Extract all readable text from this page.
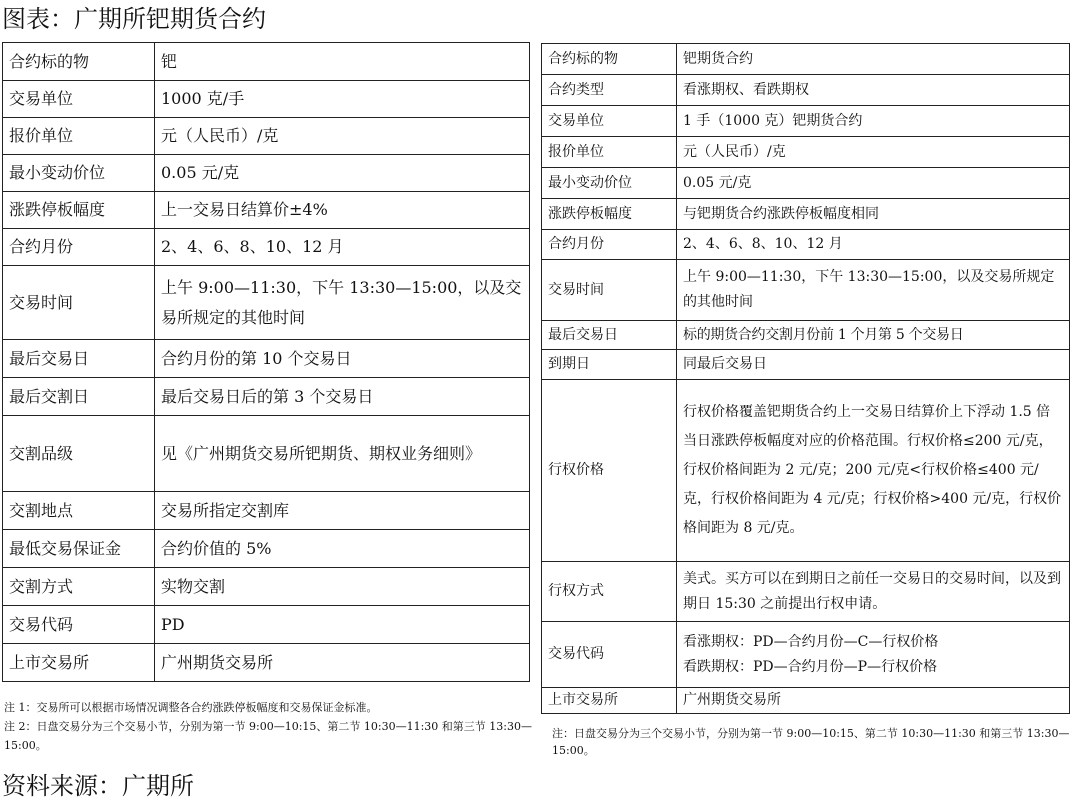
图表：广期所钯期货合约
合约标的物	钯
交易单位	1000 克/手
报价单位	元（人民币）/克
最小变动价位	0.05 元/克
涨跌停板幅度	上一交易日结算价±4%
合约月份	2、4、6、8、10、12 月
交易时间	上午 9:00—11:30，下午 13:30—15:00，以及交易所规定的其他时间
最后交易日	合约月份的第 10 个交易日
最后交割日	最后交易日后的第 3 个交易日
交割品级	见《广州期货交易所钯期货、期权业务细则》
交割地点	交易所指定交割库
最低交易保证金	合约价值的 5%
交割方式	实物交割
交易代码	PD
上市交易所	广州期货交易所
注 1：交易所可以根据市场情况调整各合约涨跌停板幅度和交易保证金标准。
注 2：日盘交易分为三个交易小节，分别为第一节 9:00—10:15、第二节 10:30—11:30 和第三节 13:30—15:00。
合约标的物	钯期货合约
合约类型	看涨期权、看跌期权
交易单位	1 手（1000 克）钯期货合约
报价单位	元（人民币）/克
最小变动价位	0.05 元/克
涨跌停板幅度	与钯期货合约涨跌停板幅度相同
合约月份	2、4、6、8、10、12 月
交易时间	上午 9:00—11:30，下午 13:30—15:00，以及交易所规定的其他时间
最后交易日	标的期货合约交割月份前 1 个月第 5 个交易日
到期日	同最后交易日
行权价格	行权价格覆盖钯期货合约上一交易日结算价上下浮动 1.5 倍当日涨跌停板幅度对应的价格范围。行权价格≤200 元/克，行权价格间距为 2 元/克；200 元/克<行权价格≤400 元/克，行权价格间距为 4 元/克；行权价格>400 元/克，行权价格间距为 8 元/克。
行权方式	美式。买方可以在到期日之前任一交易日的交易时间，以及到期日 15:30 之前提出行权申请。
交易代码	看涨期权：PD—合约月份—C—行权价格
看跌期权：PD—合约月份—P—行权价格

上市交易所	广州期货交易所
注：日盘交易分为三个交易小节，分别为第一节 9:00—10:15、第二节 10:30—11:30 和第三节 13:30—15:00。
资料来源：广期所
